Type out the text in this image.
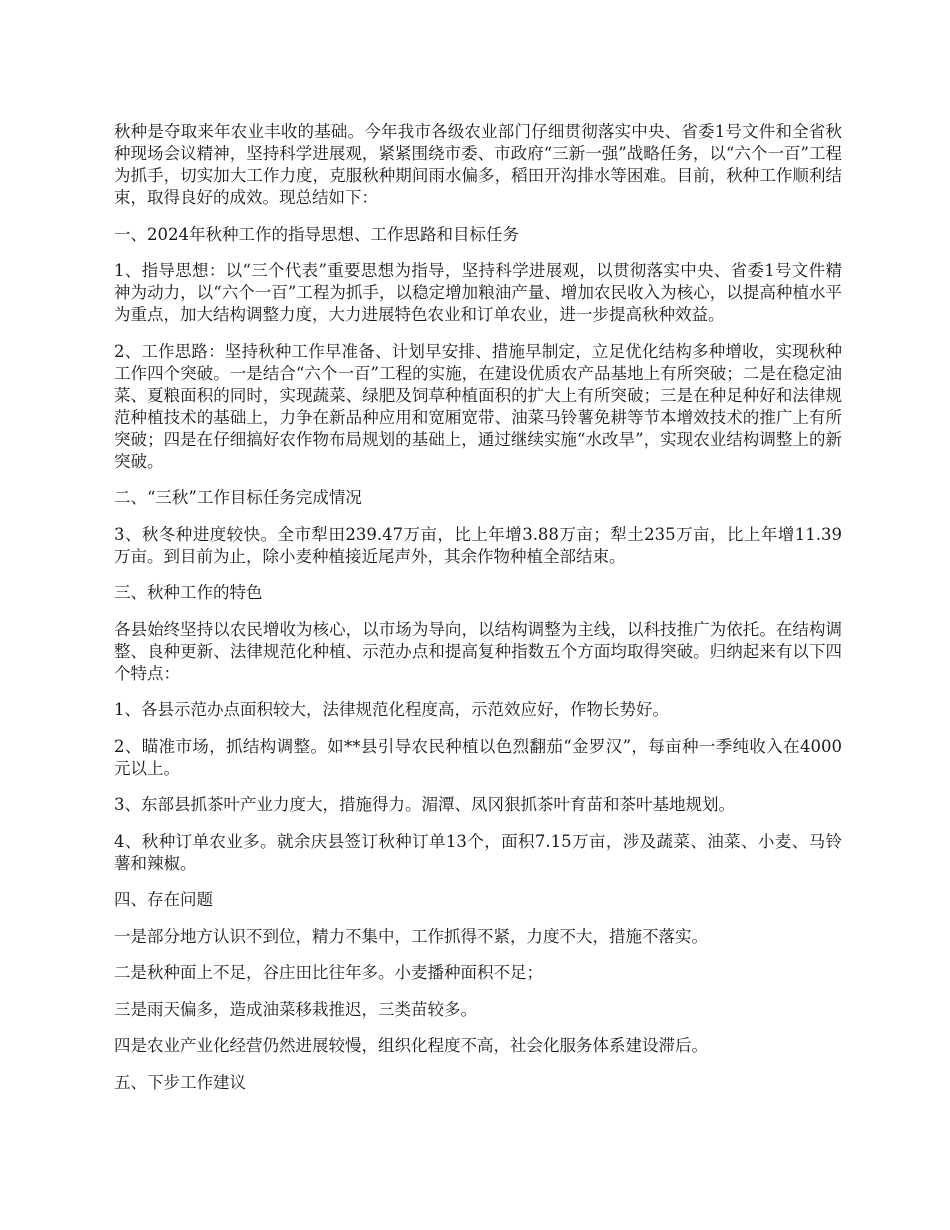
秋种是夺取来年农业丰收的基础。今年我市各级农业部门仔细贯彻落实中央、省委1号文件和全省秋种现场会议精神，坚持科学进展观，紧紧围绕市委、市政府“三新一强”战略任务，以“六个一百”工程为抓手，切实加大工作力度，克服秋种期间雨水偏多，稻田开沟排水等困难。目前，秋种工作顺利结束，取得良好的成效。现总结如下：

一、2024年秋种工作的指导思想、工作思路和目标任务

1、指导思想：以“三个代表”重要思想为指导，坚持科学进展观，以贯彻落实中央、省委1号文件精神为动力，以“六个一百”工程为抓手，以稳定增加粮油产量、增加农民收入为核心，以提高种植水平为重点，加大结构调整力度，大力进展特色农业和订单农业，进一步提高秋种效益。

2、工作思路：坚持秋种工作早准备、计划早安排、措施早制定，立足优化结构多种增收，实现秋种工作四个突破。一是结合“六个一百”工程的实施，在建设优质农产品基地上有所突破；二是在稳定油菜、夏粮面积的同时，实现蔬菜、绿肥及饲草种植面积的扩大上有所突破；三是在种足种好和法律规范种植技术的基础上，力争在新品种应用和宽厢宽带、油菜马铃薯免耕等节本增效技术的推广上有所突破；四是在仔细搞好农作物布局规划的基础上，通过继续实施“水改旱”，实现农业结构调整上的新突破。

二、“三秋”工作目标任务完成情况

3、秋冬种进度较快。全市犁田239.47万亩，比上年增3.88万亩；犁土235万亩，比上年增11.39万亩。到目前为止，除小麦种植接近尾声外，其余作物种植全部结束。

三、秋种工作的特色

各县始终坚持以农民增收为核心，以市场为导向，以结构调整为主线，以科技推广为依托。在结构调整、良种更新、法律规范化种植、示范办点和提高复种指数五个方面均取得突破。归纳起来有以下四个特点：

1、各县示范办点面积较大，法律规范化程度高，示范效应好，作物长势好。

2、瞄准市场，抓结构调整。如**县引导农民种植以色烈翻茄“金罗汉”，每亩种一季纯收入在4000元以上。

3、东部县抓茶叶产业力度大，措施得力。湄潭、凤冈狠抓茶叶育苗和茶叶基地规划。

4、秋种订单农业多。就余庆县签订秋种订单13个，面积7.15万亩，涉及蔬菜、油菜、小麦、马铃薯和辣椒。

四、存在问题

一是部分地方认识不到位，精力不集中，工作抓得不紧，力度不大，措施不落实。

二是秋种面上不足，谷庄田比往年多。小麦播种面积不足；

三是雨天偏多，造成油菜移栽推迟，三类苗较多。

四是农业产业化经营仍然进展较慢，组织化程度不高，社会化服务体系建设滞后。

五、下步工作建议
